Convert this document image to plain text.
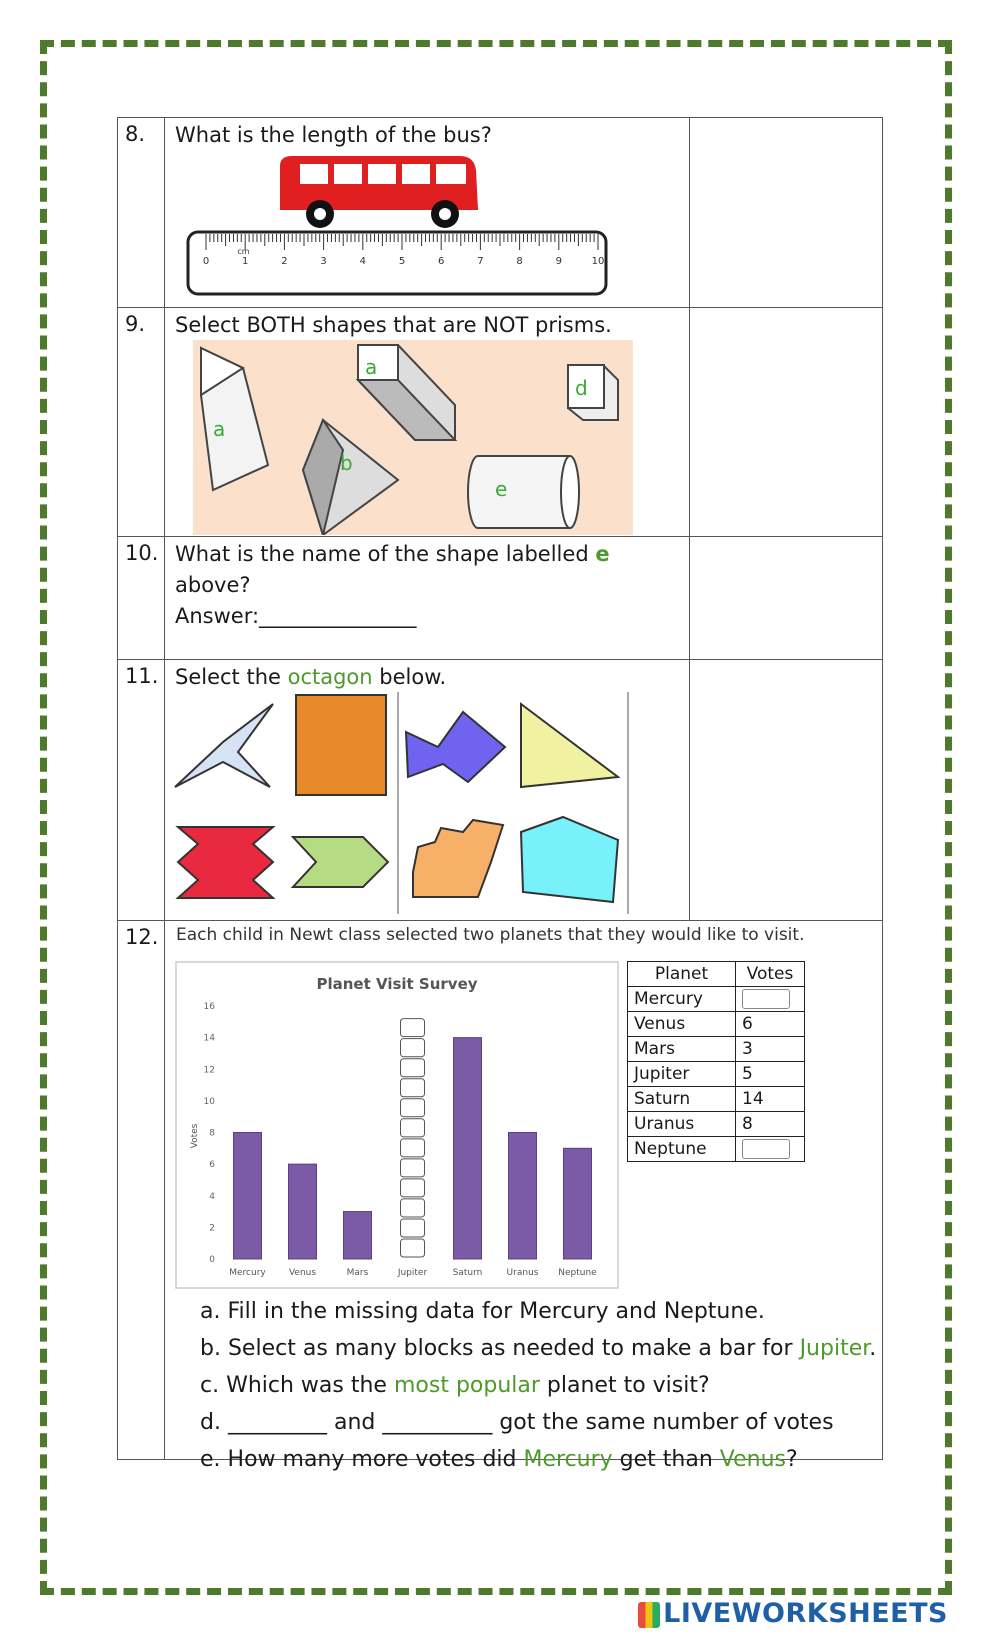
8.	What is the length of the bus?
0	1	2	3	4	5	6	7	8	9	10
cm
9.	Select BOTH shapes that are NOT prisms.
a
a
b
d
e
10. What is the name of the shape labelled e
above?
Answer:_______________
11. Select the octagon below.
12.	Each child in Newt class selected two planets that they would like to visit.
Planet Visit Survey
Votes
0
2
4
6
8
10
12
14
16
Mercury	Venus	Mars	Jupiter	Saturn	Uranus Neptune
Planet	Votes
Mercury	
Venus	6
Mars	3
Jupiter	5
Saturn	14
Uranus	8
Neptune	
a. Fill in the missing data for Mercury and Neptune.
b. Select as many blocks as needed to make a bar for Jupiter.
c. Which was the most popular planet to visit?
d. _________ and __________ got the same number of votes
e. How many more votes did Mercury get than Venus?
LIVEWORKSHEETS
